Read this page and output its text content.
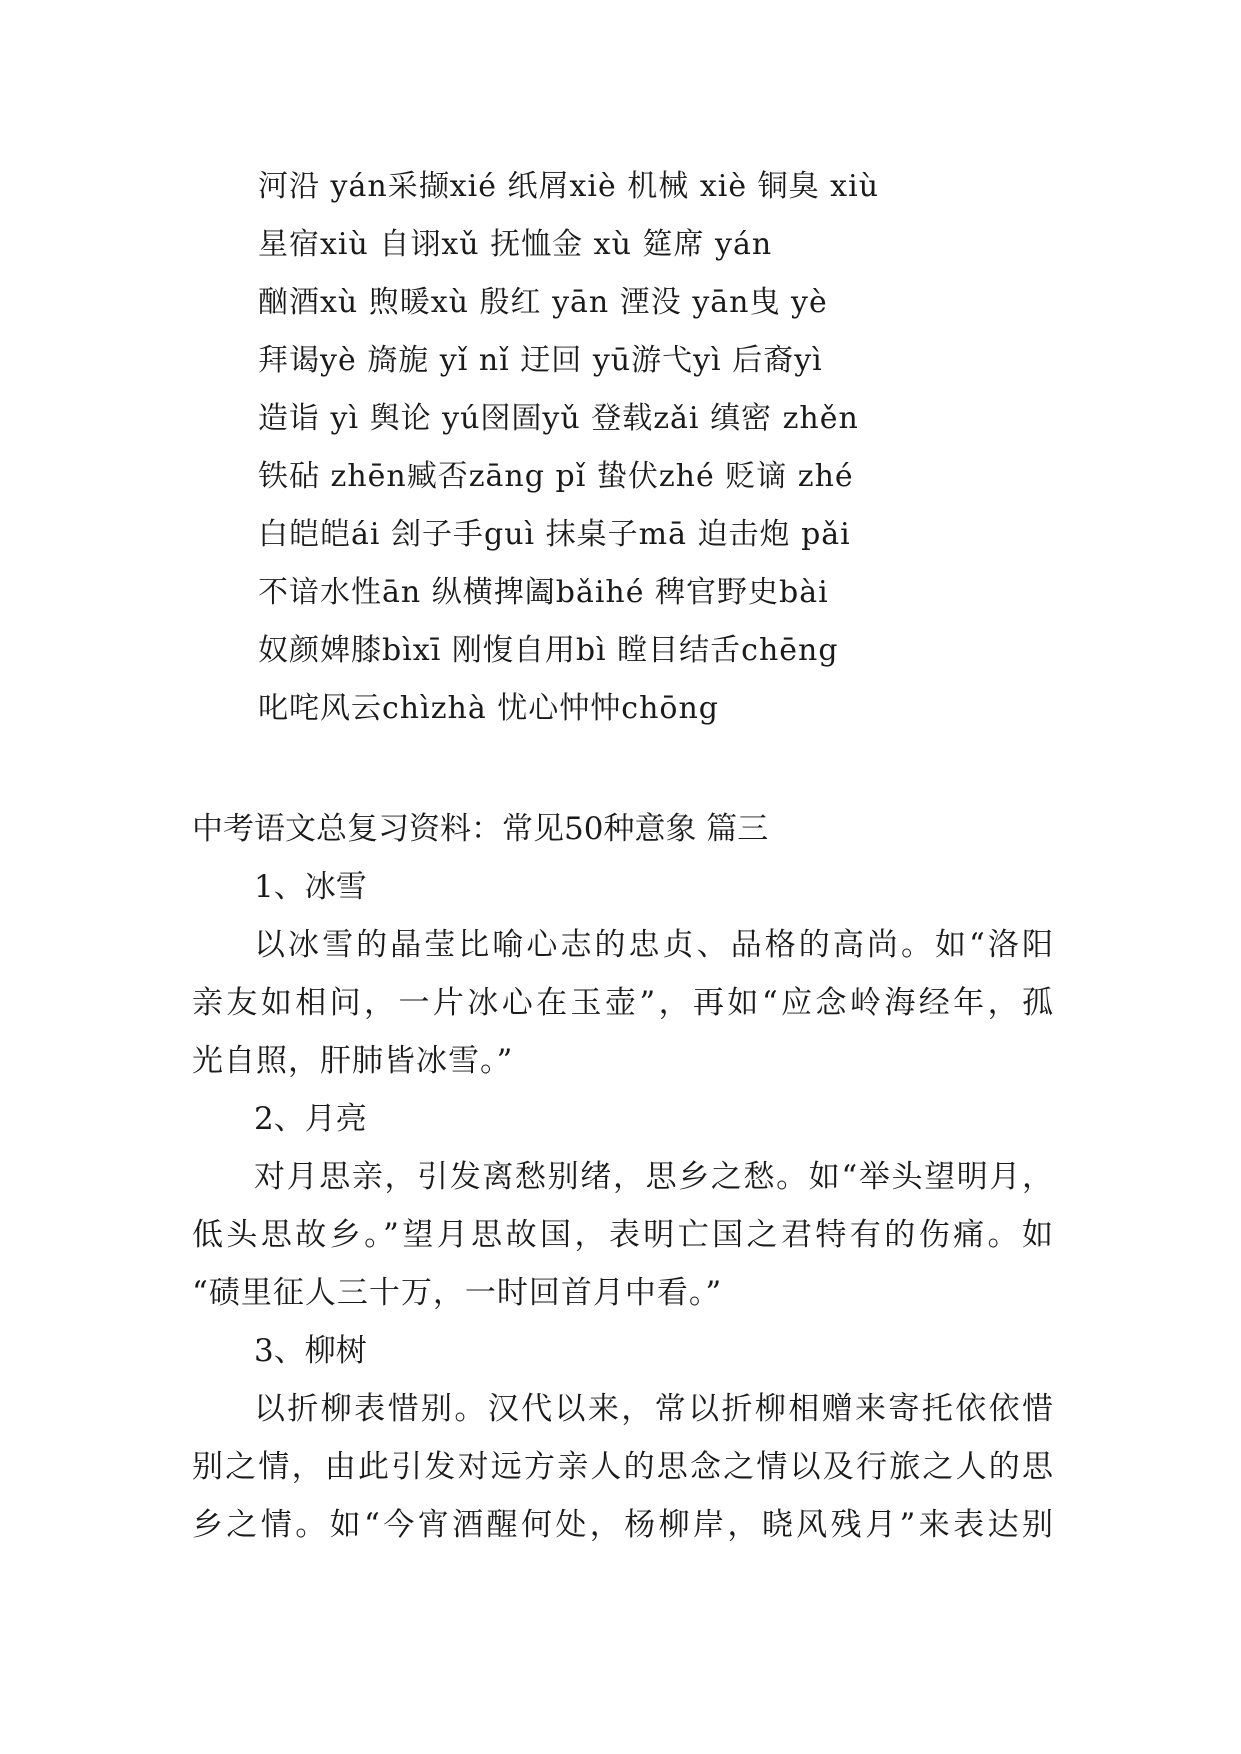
河沿 yán采撷xié 纸屑xiè 机械 xiè 铜臭 xiù
星宿xiù 自诩xǔ 抚恤金 xù 筵席 yán
酗酒xù 煦暖xù 殷红 yān 湮没 yān曳 yè
拜谒yè 旖旎 yǐ nǐ 迂回 yū游弋yì 后裔yì
造诣 yì 舆论 yú囹圄yǔ 登载zǎi 缜密 zhěn
铁砧 zhēn臧否zāng pǐ 蛰伏zhé 贬谪 zhé
白皑皑ái 刽子手guì 抹桌子mā 迫击炮 pǎi
不谙水性ān 纵横捭阖bǎihé 稗官野史bài
奴颜婢膝bìxī 刚愎自用bì 瞠目结舌chēng
叱咤风云chìzhà 忧心忡忡chōng
中考语文总复习资料：常见50种意象 篇三
1、冰雪
以冰雪的晶莹比喻心志的忠贞、品格的高尚。如“洛阳
亲友如相问，一片冰心在玉壶”，再如“应念岭海经年，孤
光自照，肝肺皆冰雪。”
2、月亮
对月思亲，引发离愁别绪，思乡之愁。如“举头望明月，
低头思故乡。”望月思故国，表明亡国之君特有的伤痛。如
“碛里征人三十万，一时回首月中看。”
3、柳树
以折柳表惜别。汉代以来，常以折柳相赠来寄托依依惜
别之情，由此引发对远方亲人的思念之情以及行旅之人的思
乡之情。如“今宵酒醒何处，杨柳岸，晓风残月”来表达别
